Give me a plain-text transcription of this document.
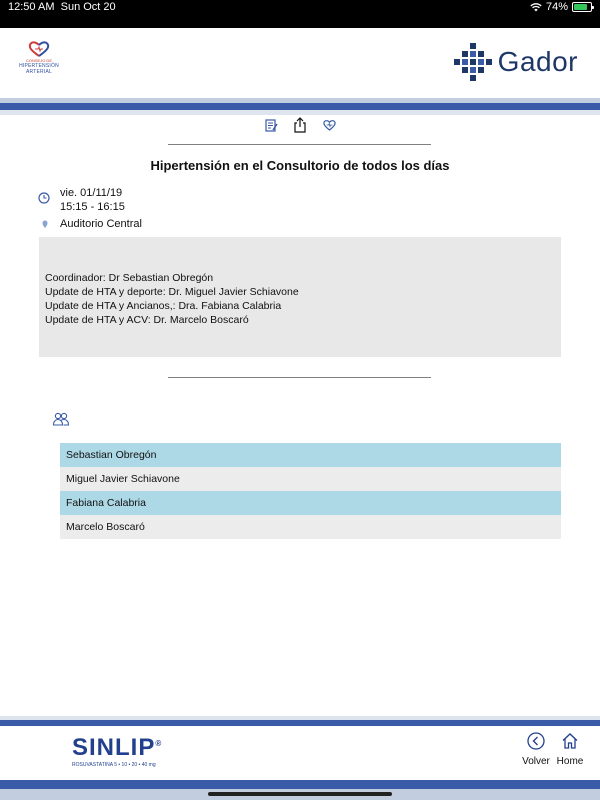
12:50 AM Sun Oct 20	74%
CONSEJO DE
HIPERTENSIÓN
ARTERIAL	Gador
Hipertensión en el Consultorio de todos los días
vie. 01/11/19
15:15 - 16:15
Auditorio Central
Coordinador: Dr Sebastian Obregón
Update de HTA y deporte: Dr. Miguel Javier Schiavone
Update de HTA y Ancianos,: Dra. Fabiana Calabria
Update de HTA y ACV: Dr. Marcelo Boscaró
Sebastian Obregón
Miguel Javier Schiavone
Fabiana Calabria
Marcelo Boscaró
SINLIP®
ROSUVASTATINA 5 • 10 • 20 • 40 mg	Volver Home
